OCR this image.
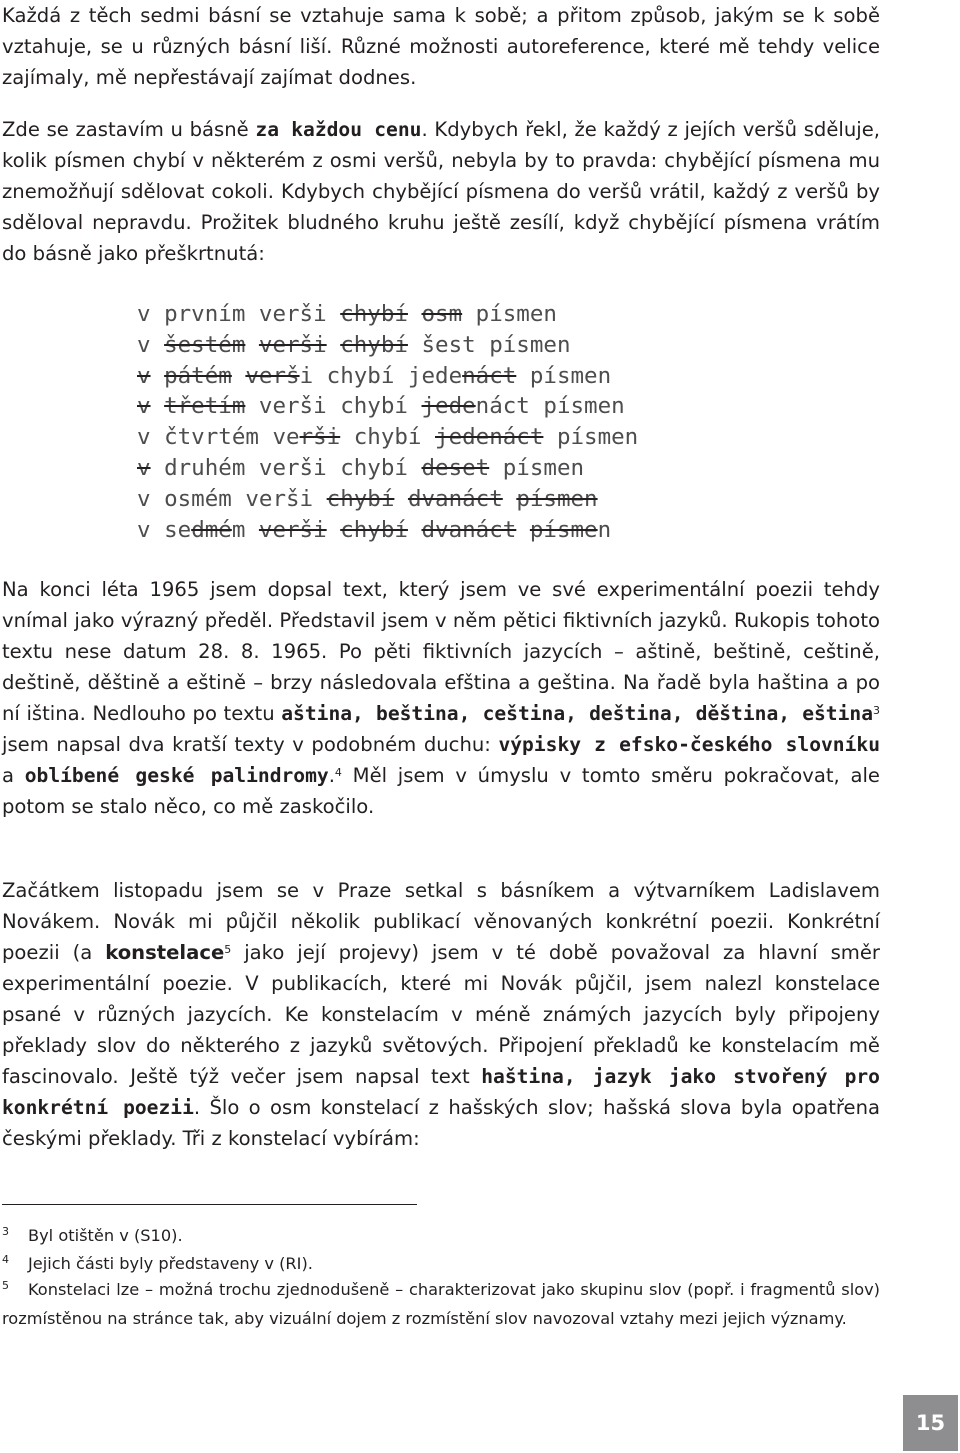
Každá z těch sedmi básní se vztahuje sama k sobě; a přitom způsob, jakým se k sobě vztahuje, se u různých básní liší. Různé možnosti autoreference, které mě tehdy velice zajímaly, mě nepřestávají zajímat dodnes.

Zde se zastavím u básně za každou cenu. Kdybych řekl, že každý z jejích veršů sděluje, kolik písmen chybí v některém z osmi veršů, nebyla by to pravda: chybějící písmena mu znemožňují sdělovat cokoli. Kdybych chybějící písmena do veršů vrátil, každý z veršů by sděloval nepravdu. Prožitek bludného kruhu ještě zesílí, když chybějící písmena vrátím do básně jako přeškrtnutá:

v prvním verši chybí osm písmen
v šestém verši chybí šest písmen
v pátém verši chybí jedenáct písmen
v třetím verši chybí jedenáct písmen
v čtvrtém verši chybí jedenáct písmen
v druhém verši chybí deset písmen
v osmém verši chybí dvanáct písmen
v sedmém verši chybí dvanáct písmen

Na konci léta 1965 jsem dopsal text, který jsem ve své experimentální poezii tehdy vnímal jako výrazný předěl. Představil jsem v něm pětici fiktivních jazyků. Rukopis tohoto textu nese datum 28. 8. 1965. Po pěti fiktivních jazycích – aštině, beštině, ceštině, deštině, děštině a eštině – brzy následovala efština a geština. Na řadě byla haština a po ní iština. Nedlouho po textu aština, beština, ceština, deština, děština, eština$^3$ jsem napsal dva kratší texty v podobném duchu: výpisky z efsko-českého slovníku a oblíbené geské palindromy.$^4$ Měl jsem v úmyslu v tomto směru pokračovat, ale potom se stalo něco, co mě zaskočilo.

Začátkem listopadu jsem se v Praze setkal s básníkem a výtvarníkem Ladislavem Novákem. Novák mi půjčil několik publikací věnovaných konkrétní poezii. Konkrétní poezii (a konstelace$^5$ jako její projevy) jsem v té době považoval za hlavní směr experimentální poezie. V publikacích, které mi Novák půjčil, jsem nalezl konstelace psané v různých jazycích. Ke konstelacím v méně známých jazycích byly připojeny překlady slov do některého z jazyků světových. Připojení překladů ke konstelacím mě fascinovalo. Ještě týž večer jsem napsal text haština, jazyk jako stvořený pro konkrétní poezii. Šlo o osm konstelací z hašských slov; hašská slova byla opatřena českými překlady. Tři z konstelací vybírám:

3 Byl otištěn v (S10).

4 Jejich části byly představeny v (RI).

5 Konstelaci lze – možná trochu zjednodušeně – charakterizovat jako skupinu slov (popř. i fragmentů slov) rozmístěnou na stránce tak, aby vizuální dojem z rozmístění slov navozoval vztahy mezi jejich významy.

15
